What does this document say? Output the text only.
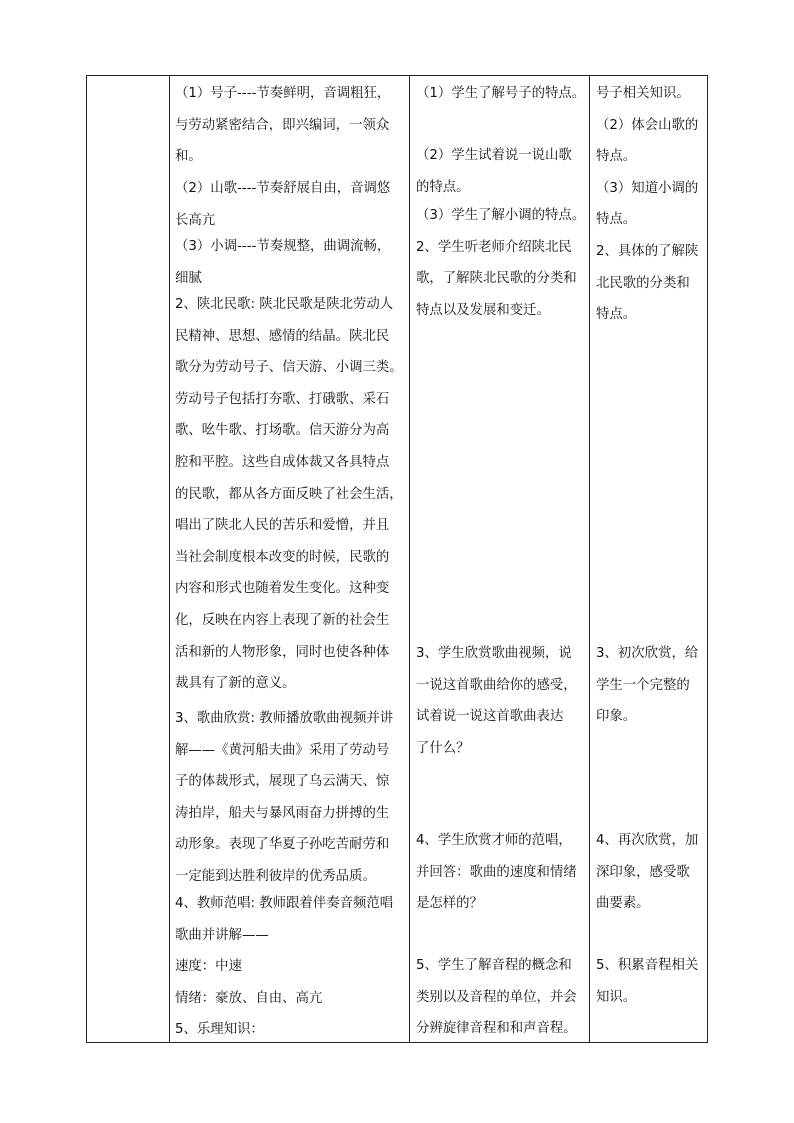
（1）号子----节奏鲜明，音调粗狂，
与劳动紧密结合，即兴编词，一领众
和。
（2）山歌----节奏舒展自由，音调悠
长高亢
（3）小调----节奏规整，曲调流畅，
细腻
2、陕北民歌: 陕北民歌是陕北劳动人
民精神、思想、感情的结晶。陕北民
歌分为劳动号子、信天游、小调三类。
劳动号子包括打夯歌、打硪歌、采石
歌、吆牛歌、打场歌。信天游分为高
腔和平腔。这些自成体裁又各具特点
的民歌，都从各方面反映了社会生活，
唱出了陕北人民的苦乐和爱憎，并且
当社会制度根本改变的时候，民歌的
内容和形式也随着发生变化。这种变
化，反映在内容上表现了新的社会生
活和新的人物形象，同时也使各种体
裁具有了新的意义。
3、歌曲欣赏: 教师播放歌曲视频并讲
解——《黄河船夫曲》采用了劳动号
子的体裁形式，展现了乌云满天、惊
涛拍岸，船夫与暴风雨奋力拼搏的生
动形象。表现了华夏子孙吃苦耐劳和
一定能到达胜利彼岸的优秀品质。
4、教师范唱: 教师跟着伴奏音频范唱
歌曲并讲解——
速度：中速
情绪：豪放、自由、高亢
5、乐理知识：

（1）学生了解号子的特点。
（2）学生试着说一说山歌
的特点。
（3）学生了解小调的特点。
2、学生听老师介绍陕北民
歌，了解陕北民歌的分类和
特点以及发展和变迁。
3、学生欣赏歌曲视频，说
一说这首歌曲给你的感受，
试着说一说这首歌曲表达
了什么？
4、学生欣赏才师的范唱，
并回答：歌曲的速度和情绪
是怎样的？
5、学生了解音程的概念和
类别以及音程的单位，并会
分辨旋律音程和和声音程。

号子相关知识。
（2）体会山歌的
特点。
（3）知道小调的
特点。
2、具体的了解陕
北民歌的分类和
特点。
3、初次欣赏，给
学生一个完整的
印象。
4、再次欣赏，加
深印象，感受歌
曲要素。
5、积累音程相关
知识。
